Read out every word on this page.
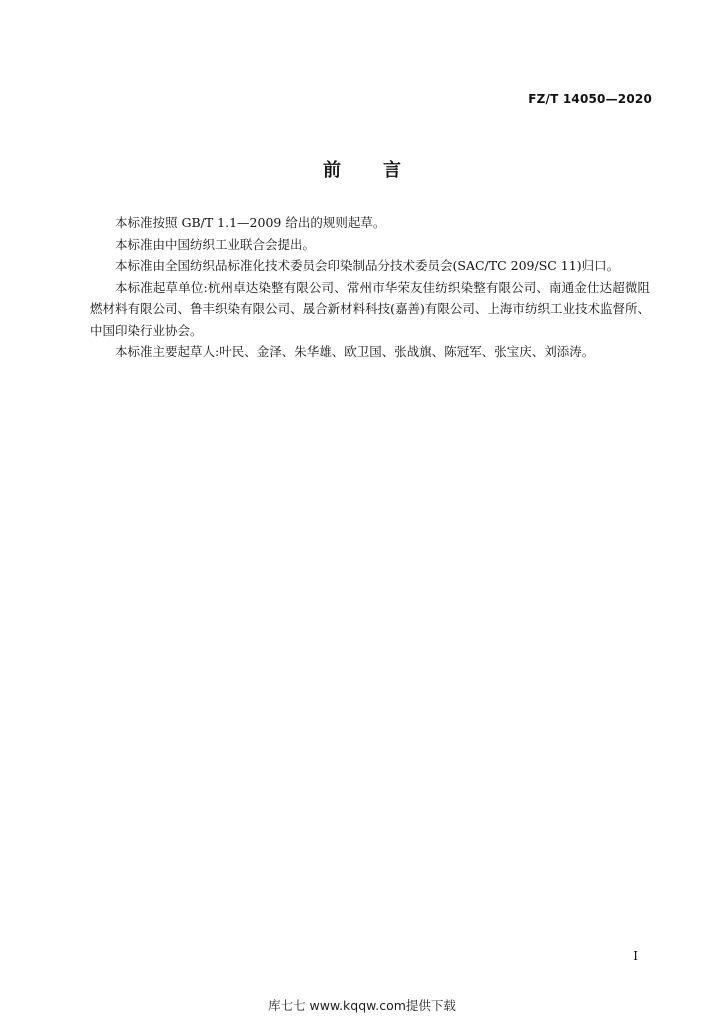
FZ/T 14050—2020
前言

本标准按照 GB/T 1.1—2009 给出的规则起草。

本标准由中国纺织工业联合会提出。

本标准由全国纺织品标准化技术委员会印染制品分技术委员会(SAC/TC 209/SC 11)归口。

本标准起草单位:杭州卓达染整有限公司、常州市华荣友佳纺织染整有限公司、南通金仕达超微阻燃材料有限公司、鲁丰织染有限公司、晟合新材料科技(嘉善)有限公司、上海市纺织工业技术监督所、中国印染行业协会。

本标准主要起草人:叶民、金泽、朱华雄、欧卫国、张战旗、陈冠军、张宝庆、刘添涛。

I
库七七 www.kqqw.com提供下载
